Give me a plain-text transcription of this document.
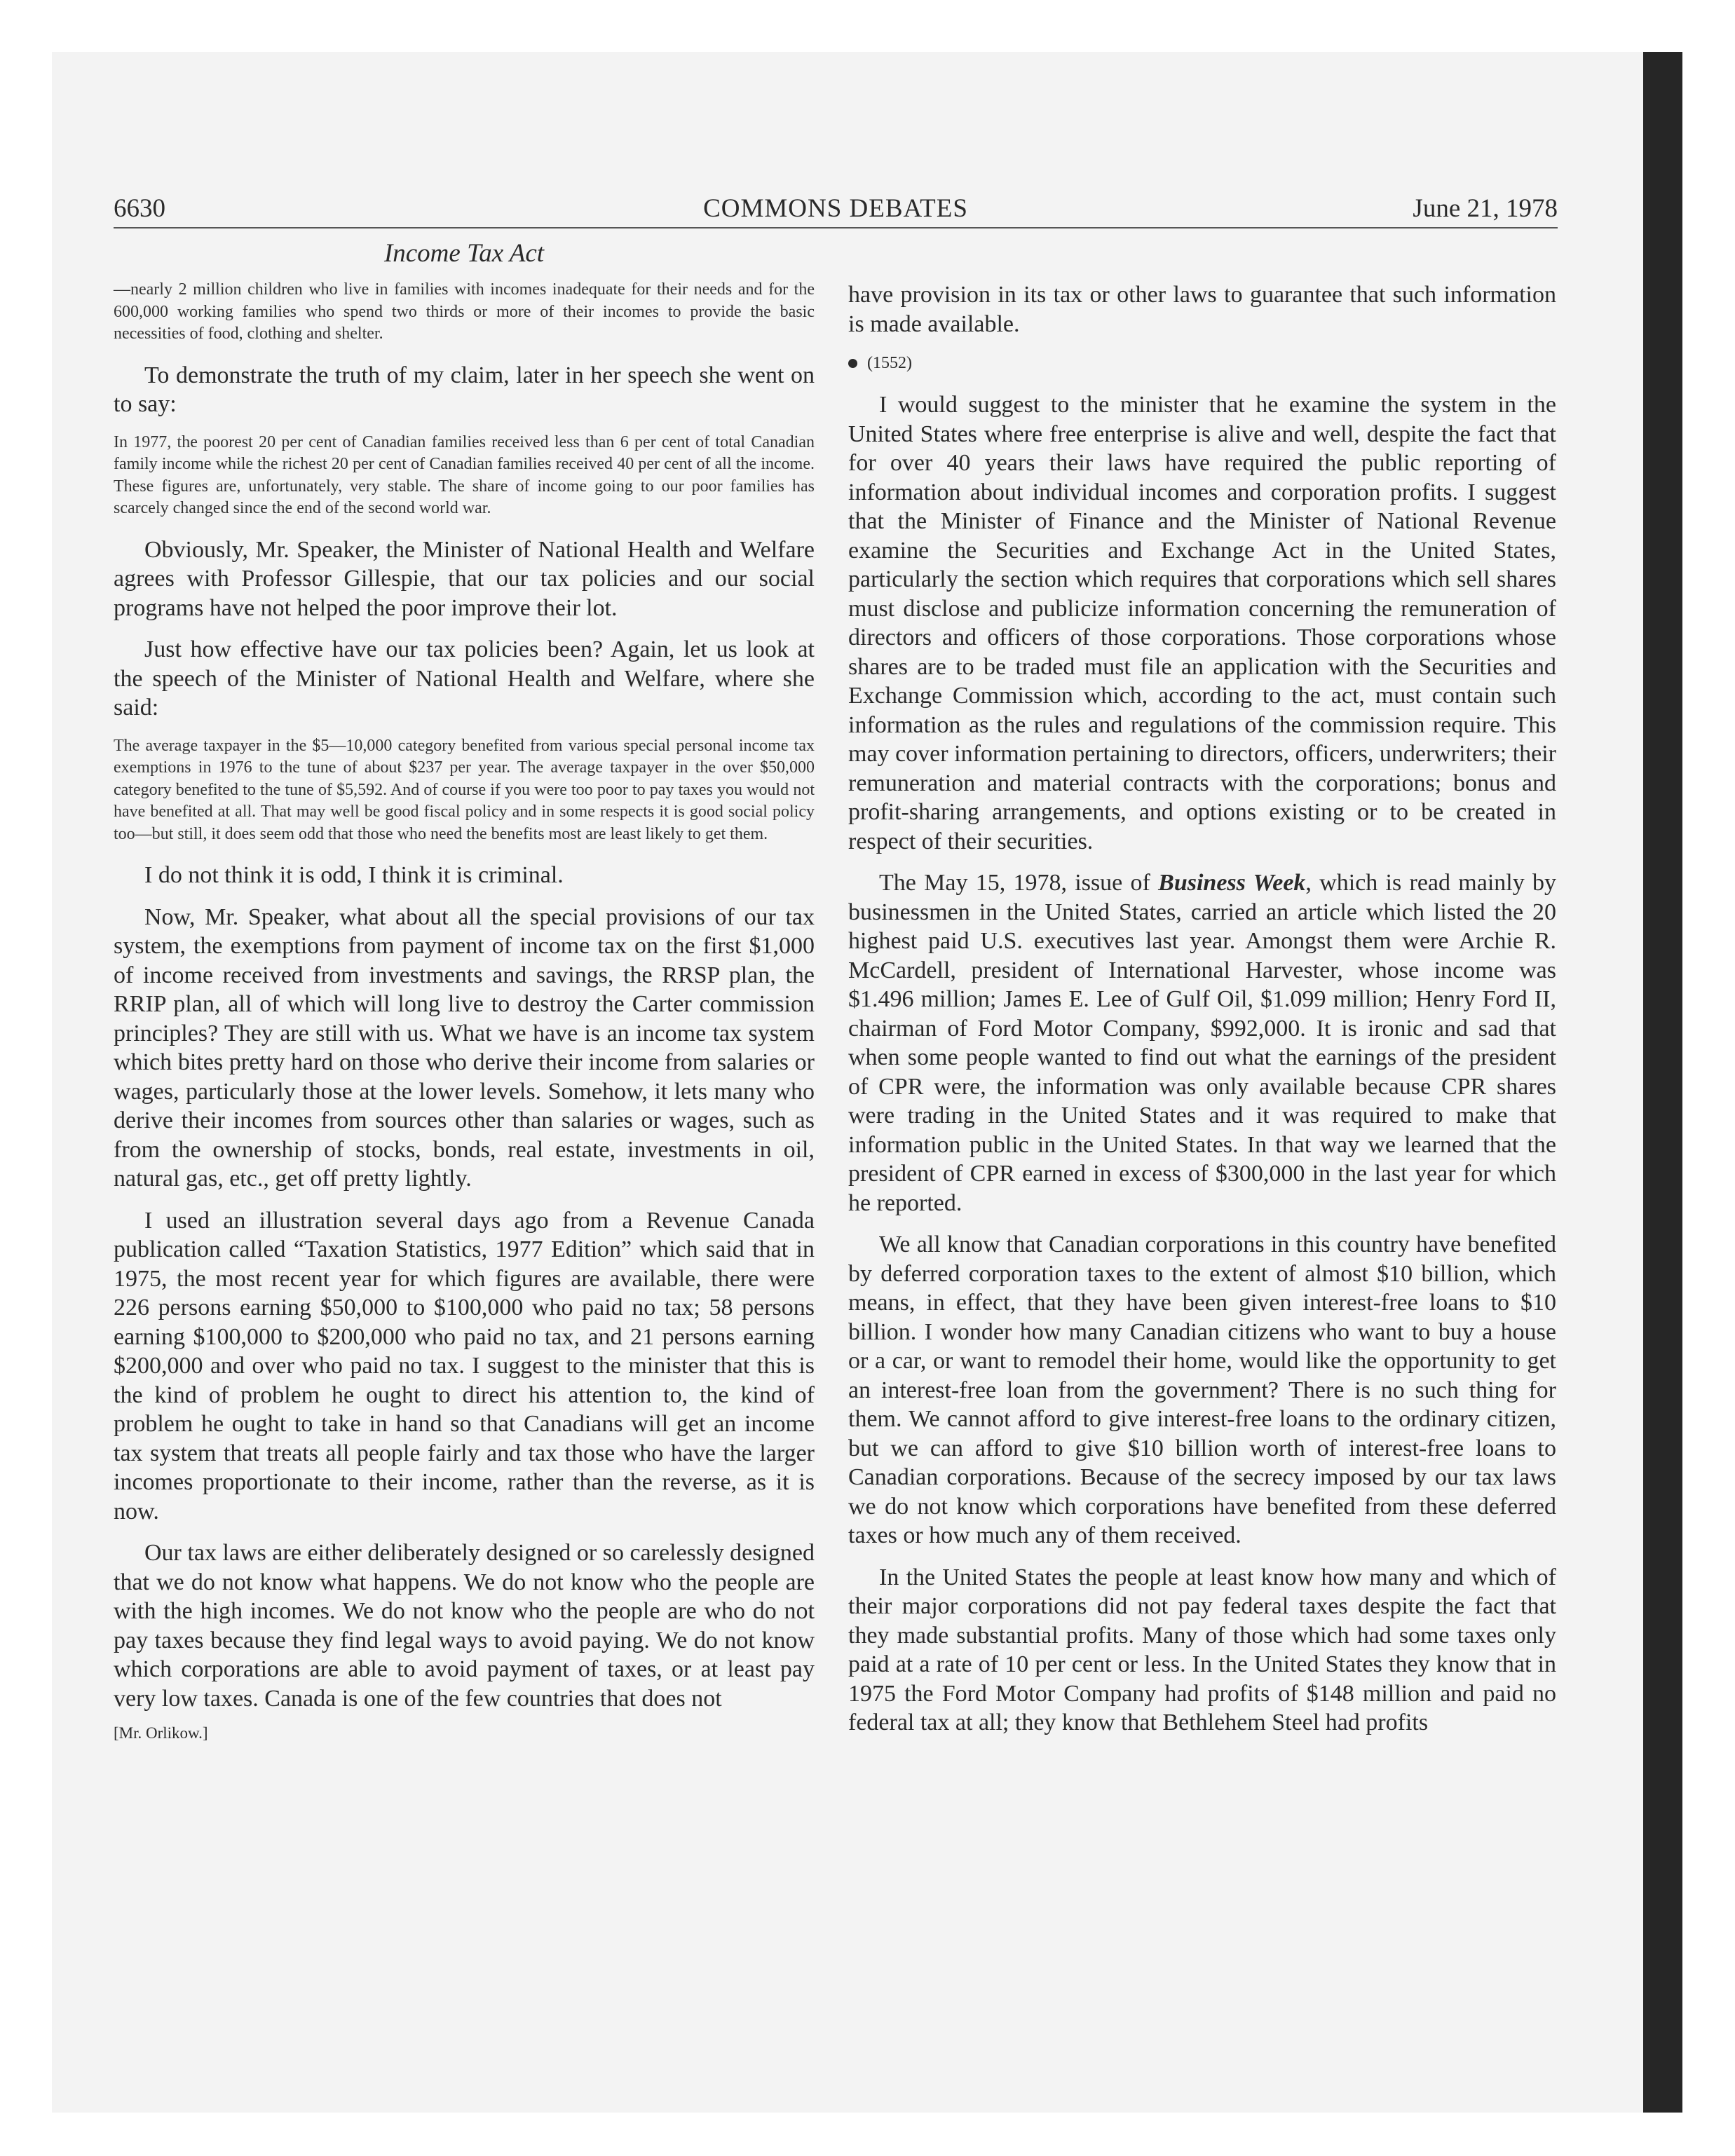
6630	COMMONS DEBATES	June 21, 1978
Income Tax Act

—nearly 2 million children who live in families with incomes inadequate for their needs and for the 600,000 working families who spend two thirds or more of their incomes to provide the basic necessities of food, clothing and shelter.

To demonstrate the truth of my claim, later in her speech she went on to say:

In 1977, the poorest 20 per cent of Canadian families received less than 6 per cent of total Canadian family income while the richest 20 per cent of Canadian families received 40 per cent of all the income. These figures are, unfortunately, very stable. The share of income going to our poor families has scarcely changed since the end of the second world war.

Obviously, Mr. Speaker, the Minister of National Health and Welfare agrees with Professor Gillespie, that our tax policies and our social programs have not helped the poor improve their lot.

Just how effective have our tax policies been? Again, let us look at the speech of the Minister of National Health and Welfare, where she said:

The average taxpayer in the $5—10,000 category benefited from various special personal income tax exemptions in 1976 to the tune of about $237 per year. The average taxpayer in the over $50,000 category benefited to the tune of $5,592. And of course if you were too poor to pay taxes you would not have benefited at all. That may well be good fiscal policy and in some respects it is good social policy too—but still, it does seem odd that those who need the benefits most are least likely to get them.

I do not think it is odd, I think it is criminal.

Now, Mr. Speaker, what about all the special provisions of our tax system, the exemptions from payment of income tax on the first $1,000 of income received from investments and savings, the RRSP plan, the RRIP plan, all of which will long live to destroy the Carter commission principles? They are still with us. What we have is an income tax system which bites pretty hard on those who derive their income from salaries or wages, particularly those at the lower levels. Somehow, it lets many who derive their incomes from sources other than salaries or wages, such as from the ownership of stocks, bonds, real estate, investments in oil, natural gas, etc., get off pretty lightly.

I used an illustration several days ago from a Revenue Canada publication called “Taxation Statistics, 1977 Edition” which said that in 1975, the most recent year for which figures are available, there were 226 persons earning $50,000 to $100,000 who paid no tax; 58 persons earning $100,000 to $200,000 who paid no tax, and 21 persons earning $200,000 and over who paid no tax. I suggest to the minister that this is the kind of problem he ought to direct his attention to, the kind of problem he ought to take in hand so that Canadians will get an income tax system that treats all people fairly and tax those who have the larger incomes proportionate to their income, rather than the reverse, as it is now.

Our tax laws are either deliberately designed or so carelessly designed that we do not know what happens. We do not know who the people are with the high incomes. We do not know who the people are who do not pay taxes because they find legal ways to avoid paying. We do not know which corporations are able to avoid payment of taxes, or at least pay very low taxes. Canada is one of the few countries that does not

[Mr. Orlikow.]

have provision in its tax or other laws to guarantee that such information is made available.

(1552)

I would suggest to the minister that he examine the system in the United States where free enterprise is alive and well, despite the fact that for over 40 years their laws have required the public reporting of information about individual incomes and corporation profits. I suggest that the Minister of Finance and the Minister of National Revenue examine the Securities and Exchange Act in the United States, particularly the section which requires that corporations which sell shares must disclose and publicize information concerning the remuneration of directors and officers of those corporations. Those corporations whose shares are to be traded must file an application with the Securities and Exchange Commission which, according to the act, must contain such information as the rules and regulations of the commission require. This may cover information pertaining to directors, officers, underwriters; their remuneration and material contracts with the corporations; bonus and profit-sharing arrangements, and options existing or to be created in respect of their securities.

The May 15, 1978, issue of Business Week, which is read mainly by businessmen in the United States, carried an article which listed the 20 highest paid U.S. executives last year. Amongst them were Archie R. McCardell, president of International Harvester, whose income was $1.496 million; James E. Lee of Gulf Oil, $1.099 million; Henry Ford II, chairman of Ford Motor Company, $992,000. It is ironic and sad that when some people wanted to find out what the earnings of the president of CPR were, the information was only available because CPR shares were trading in the United States and it was required to make that information public in the United States. In that way we learned that the president of CPR earned in excess of $300,000 in the last year for which he reported.

We all know that Canadian corporations in this country have benefited by deferred corporation taxes to the extent of almost $10 billion, which means, in effect, that they have been given interest-free loans to $10 billion. I wonder how many Canadian citizens who want to buy a house or a car, or want to remodel their home, would like the opportunity to get an interest-free loan from the government? There is no such thing for them. We cannot afford to give interest-free loans to the ordinary citizen, but we can afford to give $10 billion worth of interest-free loans to Canadian corporations. Because of the secrecy imposed by our tax laws we do not know which corporations have benefited from these deferred taxes or how much any of them received.

In the United States the people at least know how many and which of their major corporations did not pay federal taxes despite the fact that they made substantial profits. Many of those which had some taxes only paid at a rate of 10 per cent or less. In the United States they know that in 1975 the Ford Motor Company had profits of $148 million and paid no federal tax at all; they know that Bethlehem Steel had profits
